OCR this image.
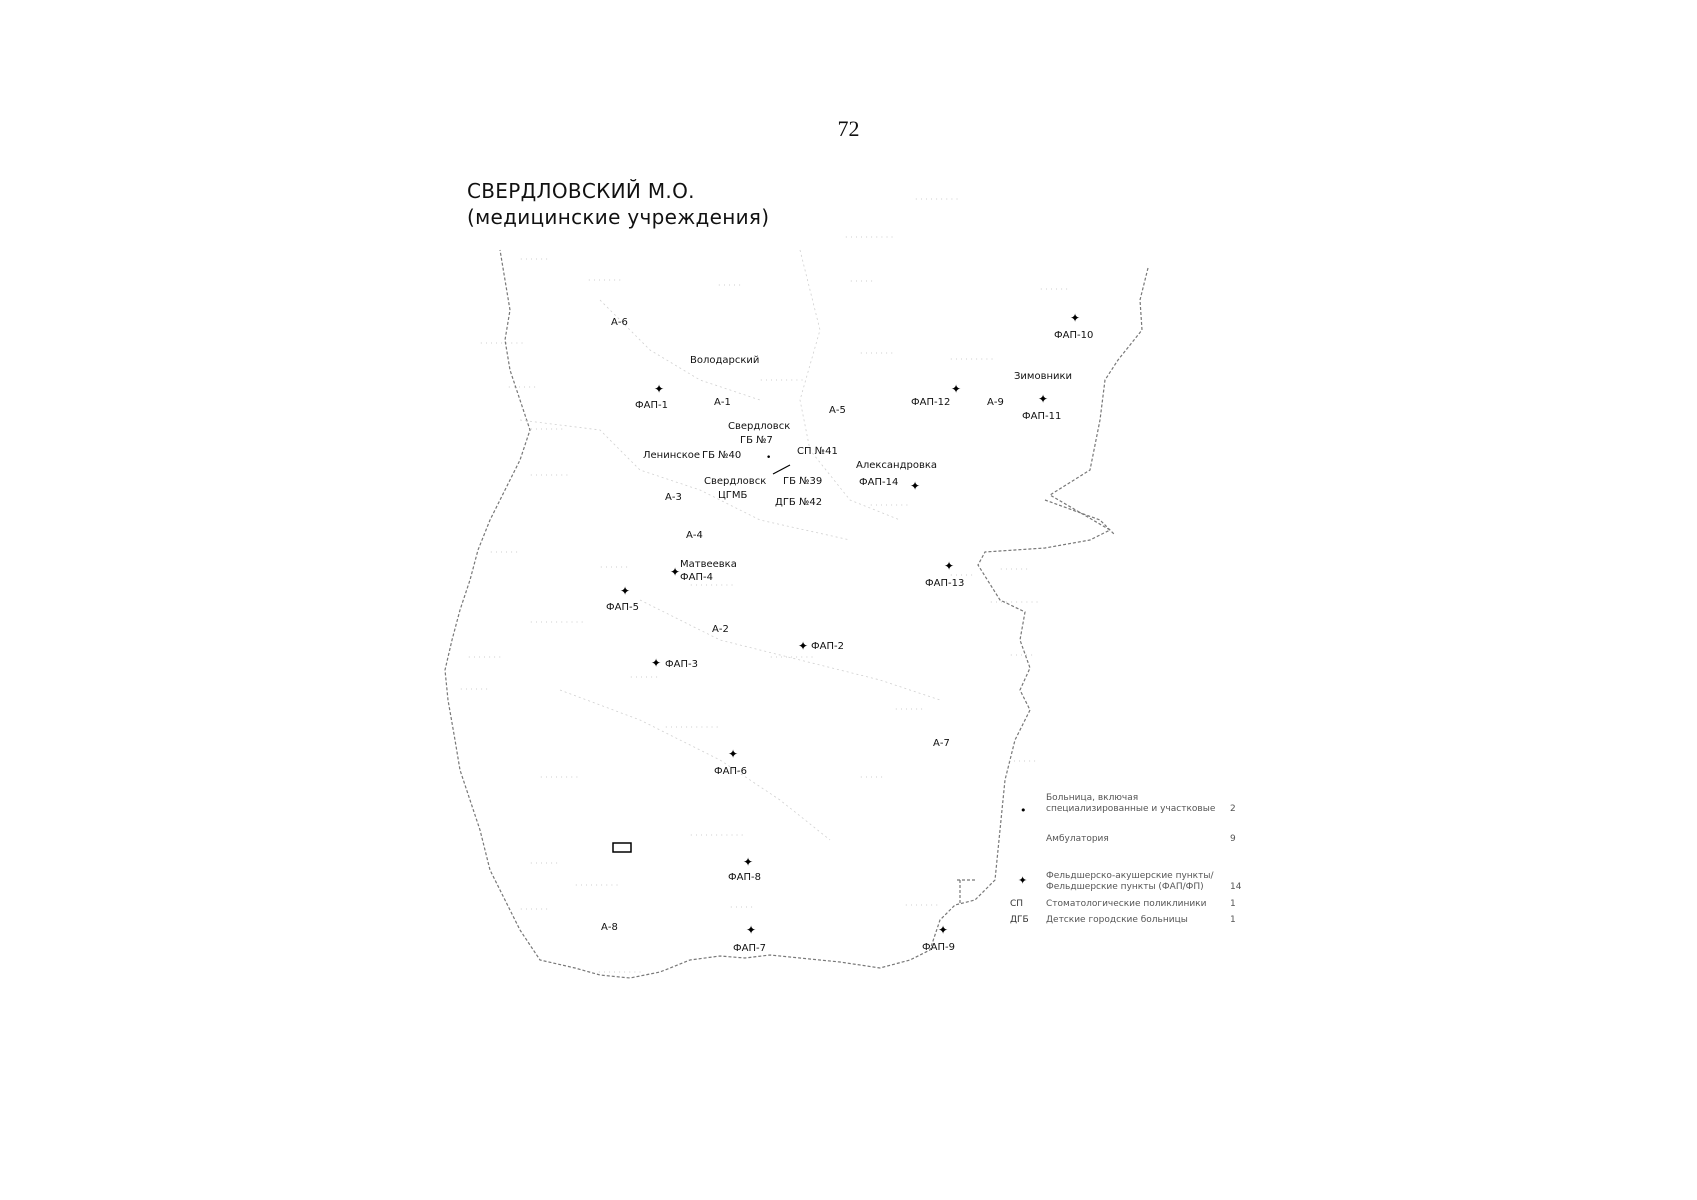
72
СВЕРДЛОВСКИЙ М.О.
(медицинские учреждения)
· · · · · ·
· · · · · · ·
· · · · ·	· · · · ·
· · · · · · · · · ·
· · · · · · · · ·
· · · · · · · · ·
· · · · · ·
· · · · · · ·
· · · · · · · ·
· · · · · ·
· · · · · ·
· · · · · · · · · · ·
· · · · · · ·
· · · · · ·
· · · · · · · · · · ·
· · · · · · · ·	· · · · ·
· · · · · · · · · · ·
· · · · · ·
· · · · · · · · ·
· · · · · ·
· · · · · · · · ·
· · · · ·	· · · · · · ·
· · · · · ·
· · · · · · · · · ·
· · · · ·
· · · · · ·
· · · · · ·
· · · · ·
· · · · · · · ·
· · · · · · · · ·
· · · · · · ·
· · · · · · · · ·
· · · · · ·
· · · · · · · · ·
· · · · · · · · ·
· · · · · ·
А-1
А-2
А-3
А-4
А-5
А-6
А-7
А-8
А-9
✦
ФАП-1
✦ ФАП-2
✦ ФАП-3
✦ ФАП-4
✦
ФАП-5
✦
ФАП-6
✦
ФАП-7
✦
ФАП-8
✦
ФАП-9
✦
ФАП-10
✦
ФАП-11
✦
ФАП-12
✦
ФАП-13
✦
ФАП-14
Володарский
Свердловск
Свердловск
Ленинское
Александровка
Зимовники
Матвеевка
ГБ №7
•
ГБ №40	СП №41
ГБ №39
ЦГМБ
ДГБ №42
•
Больница, включая
специализированные и участковые 2
Амбулатория	9
✦ Фельдшерско-акушерские пункты/
Фельдшерские пункты (ФАП/ФП)	14
СП	Стоматологические поликлиники	1
ДГБ Детские городские больницы	1
